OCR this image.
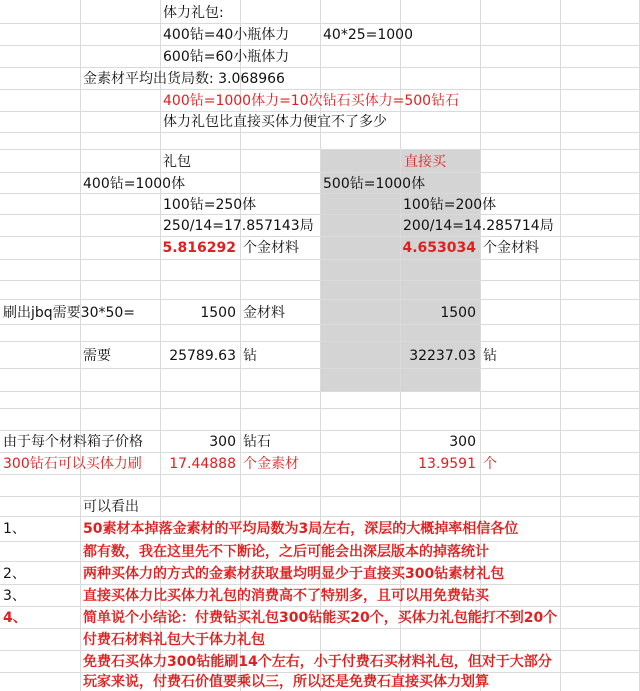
体力礼包:
400钻=40小瓶体力 40*25=1000
600钻=60小瓶体力
金素材平均出货局数: 3.068966
400钻=1000体力=10次钻石买体力=500钻石
体力礼包比直接买体力便宜不了多少
礼包	直接买
400钻=1000体	500钻=1000体
100钻=250体	100钻=200体
250/14=17.857143局	200/14=14.285714局
5.816292 个金材料	4.653034 个金材料
刷出jbq需要30*50=	1500 金材料	1500
需要	25789.63 钻	32237.03 钻
由于每个材料箱子价格	300 钻石	300
300钻石可以买体力刷	17.44888 个金素材	13.9591 个
可以看出
1、	50素材本掉落金素材的平均局数为3局左右，深层的大概掉率相信各位
都有数，我在这里先不下断论，之后可能会出深层版本的掉落统计
2、	两种买体力的方式的金素材获取量均明显少于直接买300钻素材礼包
3、	直接买体力比买体力礼包的消费高不了特别多，且可以用免费钻买
4、	简单说个小结论：付费钻买礼包300钻能买20个，买体力礼包能打不到20个
付费石材料礼包大于体力礼包
免费石买体力300钻能刷14个左右，小于付费石买材料礼包，但对于大部分
玩家来说，付费石价值要乘以三，所以还是免费石直接买体力划算
